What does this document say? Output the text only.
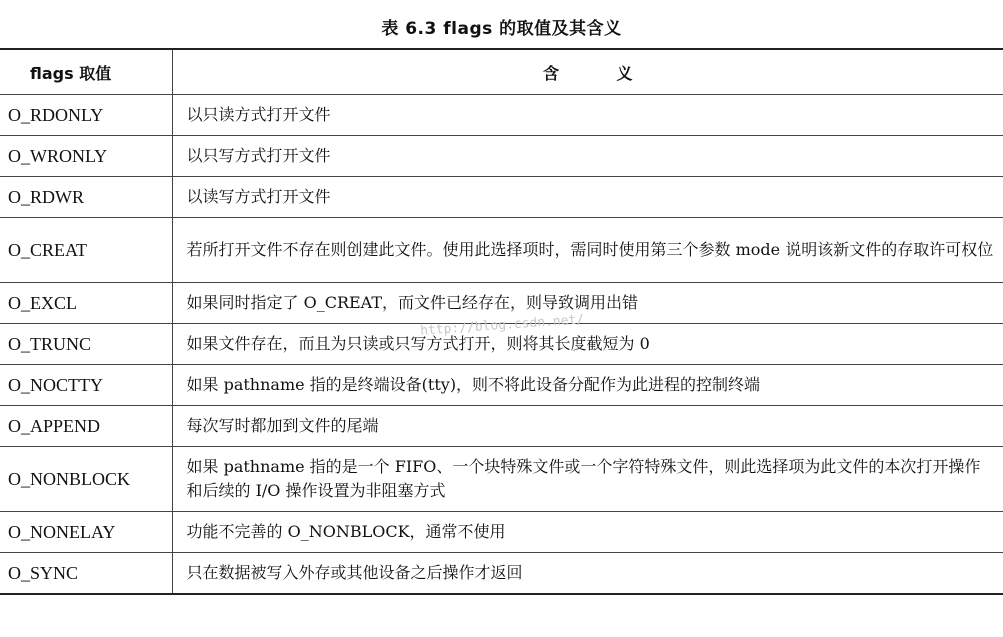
表 6.3 flags 的取值及其含义
flags 取值	含 义
O_RDONLY	以只读方式打开文件
O_WRONLY	以只写方式打开文件
O_RDWR	以读写方式打开文件
O_CREAT	若所打开文件不存在则创建此文件。使用此选择项时，需同时使用第三个参数 mode 说明该新文件的存取许可权位
O_EXCL	如果同时指定了 O_CREAT，而文件已经存在，则导致调用出错
O_TRUNC	如果文件存在，而且为只读或只写方式打开，则将其长度截短为 0
O_NOCTTY	如果 pathname 指的是终端设备(tty)，则不将此设备分配作为此进程的控制终端
O_APPEND	每次写时都加到文件的尾端
O_NONBLOCK	如果 pathname 指的是一个 FIFO、一个块特殊文件或一个字符特殊文件，则此选择项为此文件的本次打开操作和后续的 I/O 操作设置为非阻塞方式
O_NONELAY	功能不完善的 O_NONBLOCK，通常不使用
O_SYNC	只在数据被写入外存或其他设备之后操作才返回
http://blog.csdn.net/
